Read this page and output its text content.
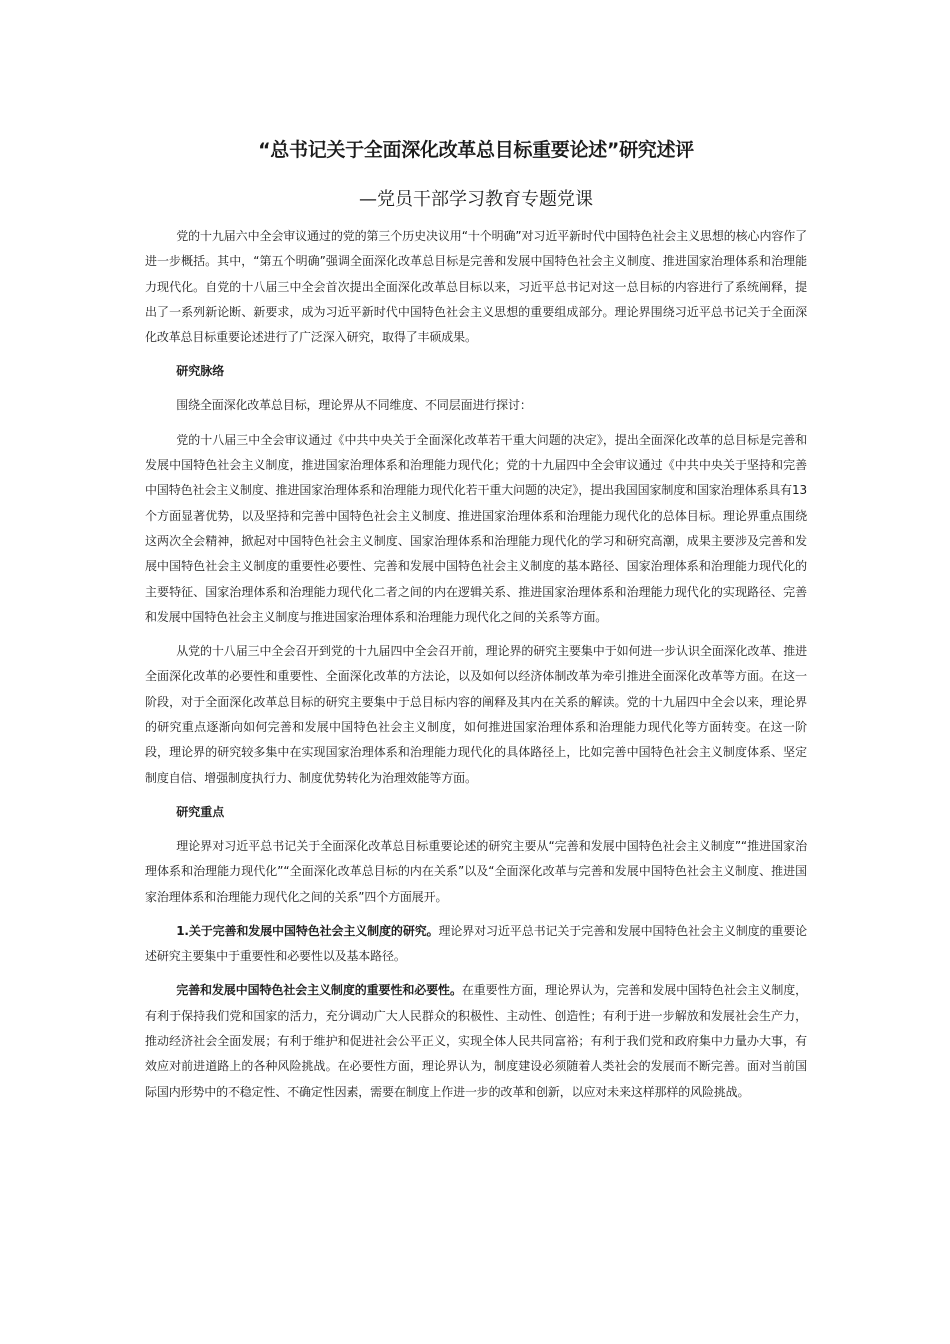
“总书记关于全面深化改革总目标重要论述”研究述评
—党员干部学习教育专题党课

党的十九届六中全会审议通过的党的第三个历史决议用“十个明确”对习近平新时代中国特色社会主义思想的核心内容作了进一步概括。其中，“第五个明确”强调全面深化改革总目标是完善和发展中国特色社会主义制度、推进国家治理体系和治理能力现代化。自党的十八届三中全会首次提出全面深化改革总目标以来，习近平总书记对这一总目标的内容进行了系统阐释，提出了一系列新论断、新要求，成为习近平新时代中国特色社会主义思想的重要组成部分。理论界围绕习近平总书记关于全面深化改革总目标重要论述进行了广泛深入研究，取得了丰硕成果。

研究脉络

围绕全面深化改革总目标，理论界从不同维度、不同层面进行探讨：

党的十八届三中全会审议通过《中共中央关于全面深化改革若干重大问题的决定》，提出全面深化改革的总目标是完善和发展中国特色社会主义制度，推进国家治理体系和治理能力现代化；党的十九届四中全会审议通过《中共中央关于坚持和完善中国特色社会主义制度、推进国家治理体系和治理能力现代化若干重大问题的决定》，提出我国国家制度和国家治理体系具有13个方面显著优势，以及坚持和完善中国特色社会主义制度、推进国家治理体系和治理能力现代化的总体目标。理论界重点围绕这两次全会精神，掀起对中国特色社会主义制度、国家治理体系和治理能力现代化的学习和研究高潮，成果主要涉及完善和发展中国特色社会主义制度的重要性必要性、完善和发展中国特色社会主义制度的基本路径、国家治理体系和治理能力现代化的主要特征、国家治理体系和治理能力现代化二者之间的内在逻辑关系、推进国家治理体系和治理能力现代化的实现路径、完善和发展中国特色社会主义制度与推进国家治理体系和治理能力现代化之间的关系等方面。

从党的十八届三中全会召开到党的十九届四中全会召开前，理论界的研究主要集中于如何进一步认识全面深化改革、推进全面深化改革的必要性和重要性、全面深化改革的方法论，以及如何以经济体制改革为牵引推进全面深化改革等方面。在这一阶段，对于全面深化改革总目标的研究主要集中于总目标内容的阐释及其内在关系的解读。党的十九届四中全会以来，理论界的研究重点逐渐向如何完善和发展中国特色社会主义制度，如何推进国家治理体系和治理能力现代化等方面转变。在这一阶段，理论界的研究较多集中在实现国家治理体系和治理能力现代化的具体路径上，比如完善中国特色社会主义制度体系、坚定制度自信、增强制度执行力、制度优势转化为治理效能等方面。

研究重点

理论界对习近平总书记关于全面深化改革总目标重要论述的研究主要从“完善和发展中国特色社会主义制度”“推进国家治理体系和治理能力现代化”“全面深化改革总目标的内在关系”以及“全面深化改革与完善和发展中国特色社会主义制度、推进国家治理体系和治理能力现代化之间的关系”四个方面展开。

1.关于完善和发展中国特色社会主义制度的研究。理论界对习近平总书记关于完善和发展中国特色社会主义制度的重要论述研究主要集中于重要性和必要性以及基本路径。

完善和发展中国特色社会主义制度的重要性和必要性。在重要性方面，理论界认为，完善和发展中国特色社会主义制度，有利于保持我们党和国家的活力，充分调动广大人民群众的积极性、主动性、创造性；有利于进一步解放和发展社会生产力，推动经济社会全面发展；有利于维护和促进社会公平正义，实现全体人民共同富裕；有利于我们党和政府集中力量办大事，有效应对前进道路上的各种风险挑战。在必要性方面，理论界认为，制度建设必须随着人类社会的发展而不断完善。面对当前国际国内形势中的不稳定性、不确定性因素，需要在制度上作进一步的改革和创新，以应对未来这样那样的风险挑战。
